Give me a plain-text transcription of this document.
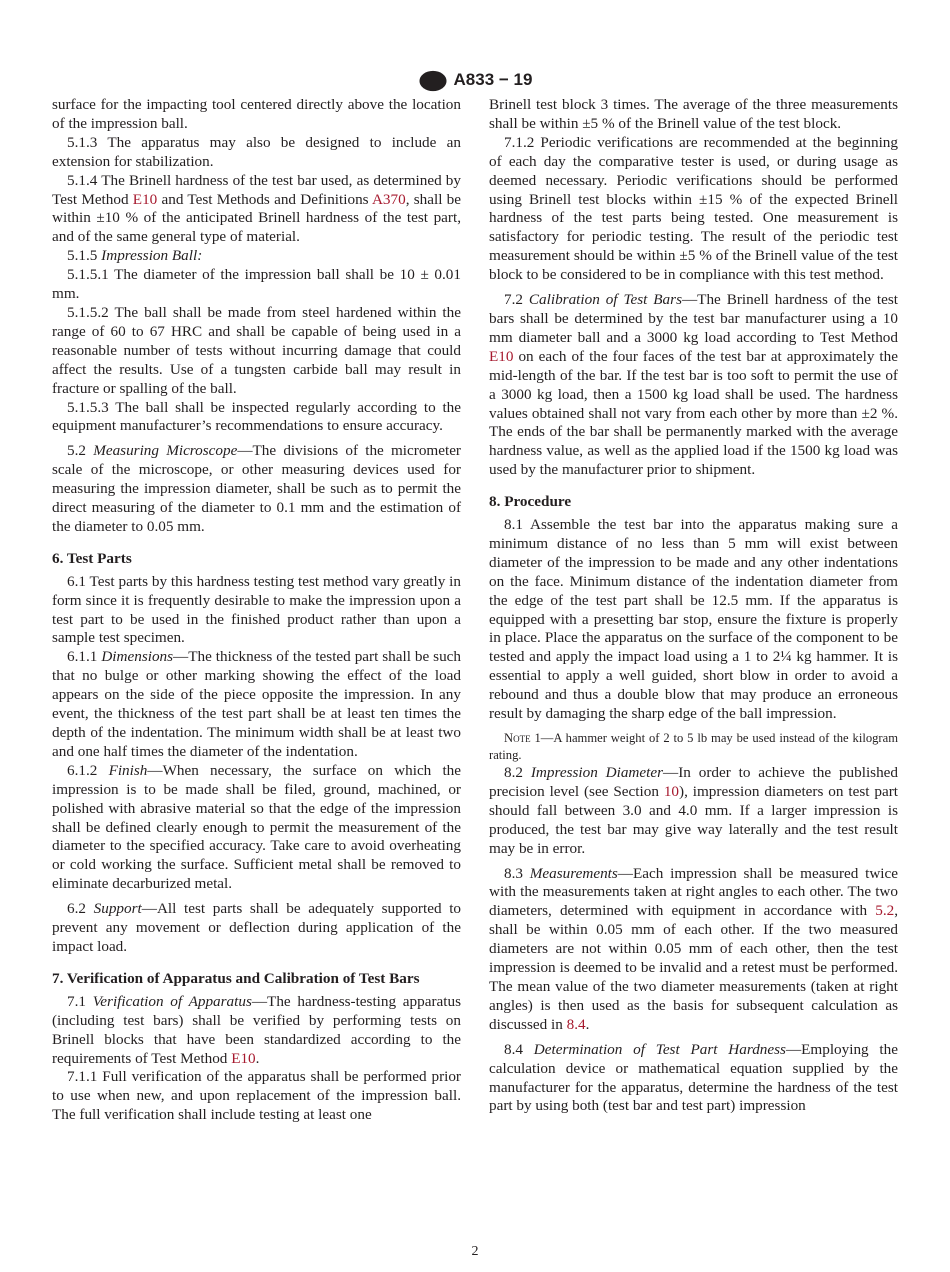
A833 − 19

surface for the impacting tool centered directly above the location of the impression ball.

5.1.3 The apparatus may also be designed to include an extension for stabilization.

5.1.4 The Brinell hardness of the test bar used, as determined by Test Method E10 and Test Methods and Definitions A370, shall be within ±10 % of the anticipated Brinell hardness of the test part, and of the same general type of material.

5.1.5 Impression Ball:

5.1.5.1 The diameter of the impression ball shall be 10 ± 0.01 mm.

5.1.5.2 The ball shall be made from steel hardened within the range of 60 to 67 HRC and shall be capable of being used in a reasonable number of tests without incurring damage that could affect the results. Use of a tungsten carbide ball may result in fracture or spalling of the ball.

5.1.5.3 The ball shall be inspected regularly according to the equipment manufacturer’s recommendations to ensure accuracy.

5.2 Measuring Microscope—The divisions of the micrometer scale of the microscope, or other measuring devices used for measuring the impression diameter, shall be such as to permit the direct measuring of the diameter to 0.1 mm and the estimation of the diameter to 0.05 mm.

6. Test Parts

6.1 Test parts by this hardness testing test method vary greatly in form since it is frequently desirable to make the impression upon a test part to be used in the finished product rather than upon a sample test specimen.

6.1.1 Dimensions—The thickness of the tested part shall be such that no bulge or other marking showing the effect of the load appears on the side of the piece opposite the impression. In any event, the thickness of the test part shall be at least ten times the depth of the indentation. The minimum width shall be at least two and one half times the diameter of the indentation.

6.1.2 Finish—When necessary, the surface on which the impression is to be made shall be filed, ground, machined, or polished with abrasive material so that the edge of the impression shall be defined clearly enough to permit the measurement of the diameter to the specified accuracy. Take care to avoid overheating or cold working the surface. Sufficient metal shall be removed to eliminate decarburized metal.

6.2 Support—All test parts shall be adequately supported to prevent any movement or deflection during application of the impact load.

7. Verification of Apparatus and Calibration of Test Bars

7.1 Verification of Apparatus—The hardness-testing apparatus (including test bars) shall be verified by performing tests on Brinell blocks that have been standardized according to the requirements of Test Method E10.

7.1.1 Full verification of the apparatus shall be performed prior to use when new, and upon replacement of the impression ball. The full verification shall include testing at least one

Brinell test block 3 times. The average of the three measurements shall be within ±5 % of the Brinell value of the test block.

7.1.2 Periodic verifications are recommended at the beginning of each day the comparative tester is used, or during usage as deemed necessary. Periodic verifications should be performed using Brinell test blocks within ±15 % of the expected Brinell hardness of the test parts being tested. One measurement is satisfactory for periodic testing. The result of the periodic test measurement should be within ±5 % of the Brinell value of the test block to be considered to be in compliance with this test method.

7.2 Calibration of Test Bars—The Brinell hardness of the test bars shall be determined by the test bar manufacturer using a 10 mm diameter ball and a 3000 kg load according to Test Method E10 on each of the four faces of the test bar at approximately the mid-length of the bar. If the test bar is too soft to permit the use of a 3000 kg load, then a 1500 kg load shall be used. The hardness values obtained shall not vary from each other by more than ±2 %. The ends of the bar shall be permanently marked with the average hardness value, as well as the applied load if the 1500 kg load was used by the manufacturer prior to shipment.

8. Procedure

8.1 Assemble the test bar into the apparatus making sure a minimum distance of no less than 5 mm will exist between diameter of the impression to be made and any other indentations on the face. Minimum distance of the indentation diameter from the edge of the test part shall be 12.5 mm. If the apparatus is equipped with a presetting bar stop, ensure the fixture is properly in place. Place the apparatus on the surface of the component to be tested and apply the impact load using a 1 to 2¼ kg hammer. It is essential to apply a well guided, short blow in order to avoid a rebound and thus a double blow that may produce an erroneous result by damaging the sharp edge of the ball impression.

Note 1—A hammer weight of 2 to 5 lb may be used instead of the kilogram rating.

8.2 Impression Diameter—In order to achieve the published precision level (see Section 10), impression diameters on test part should fall between 3.0 and 4.0 mm. If a larger impression is produced, the test bar may give way laterally and the test result may be in error.

8.3 Measurements—Each impression shall be measured twice with the measurements taken at right angles to each other. The two diameters, determined with equipment in accordance with 5.2, shall be within 0.05 mm of each other. If the two measured diameters are not within 0.05 mm of each other, then the test impression is deemed to be invalid and a retest must be performed. The mean value of the two diameter measurements (taken at right angles) is then used as the basis for subsequent calculation as discussed in 8.4.

8.4 Determination of Test Part Hardness—Employing the calculation device or mathematical equation supplied by the manufacturer for the apparatus, determine the hardness of the test part by using both (test bar and test part) impression

2
